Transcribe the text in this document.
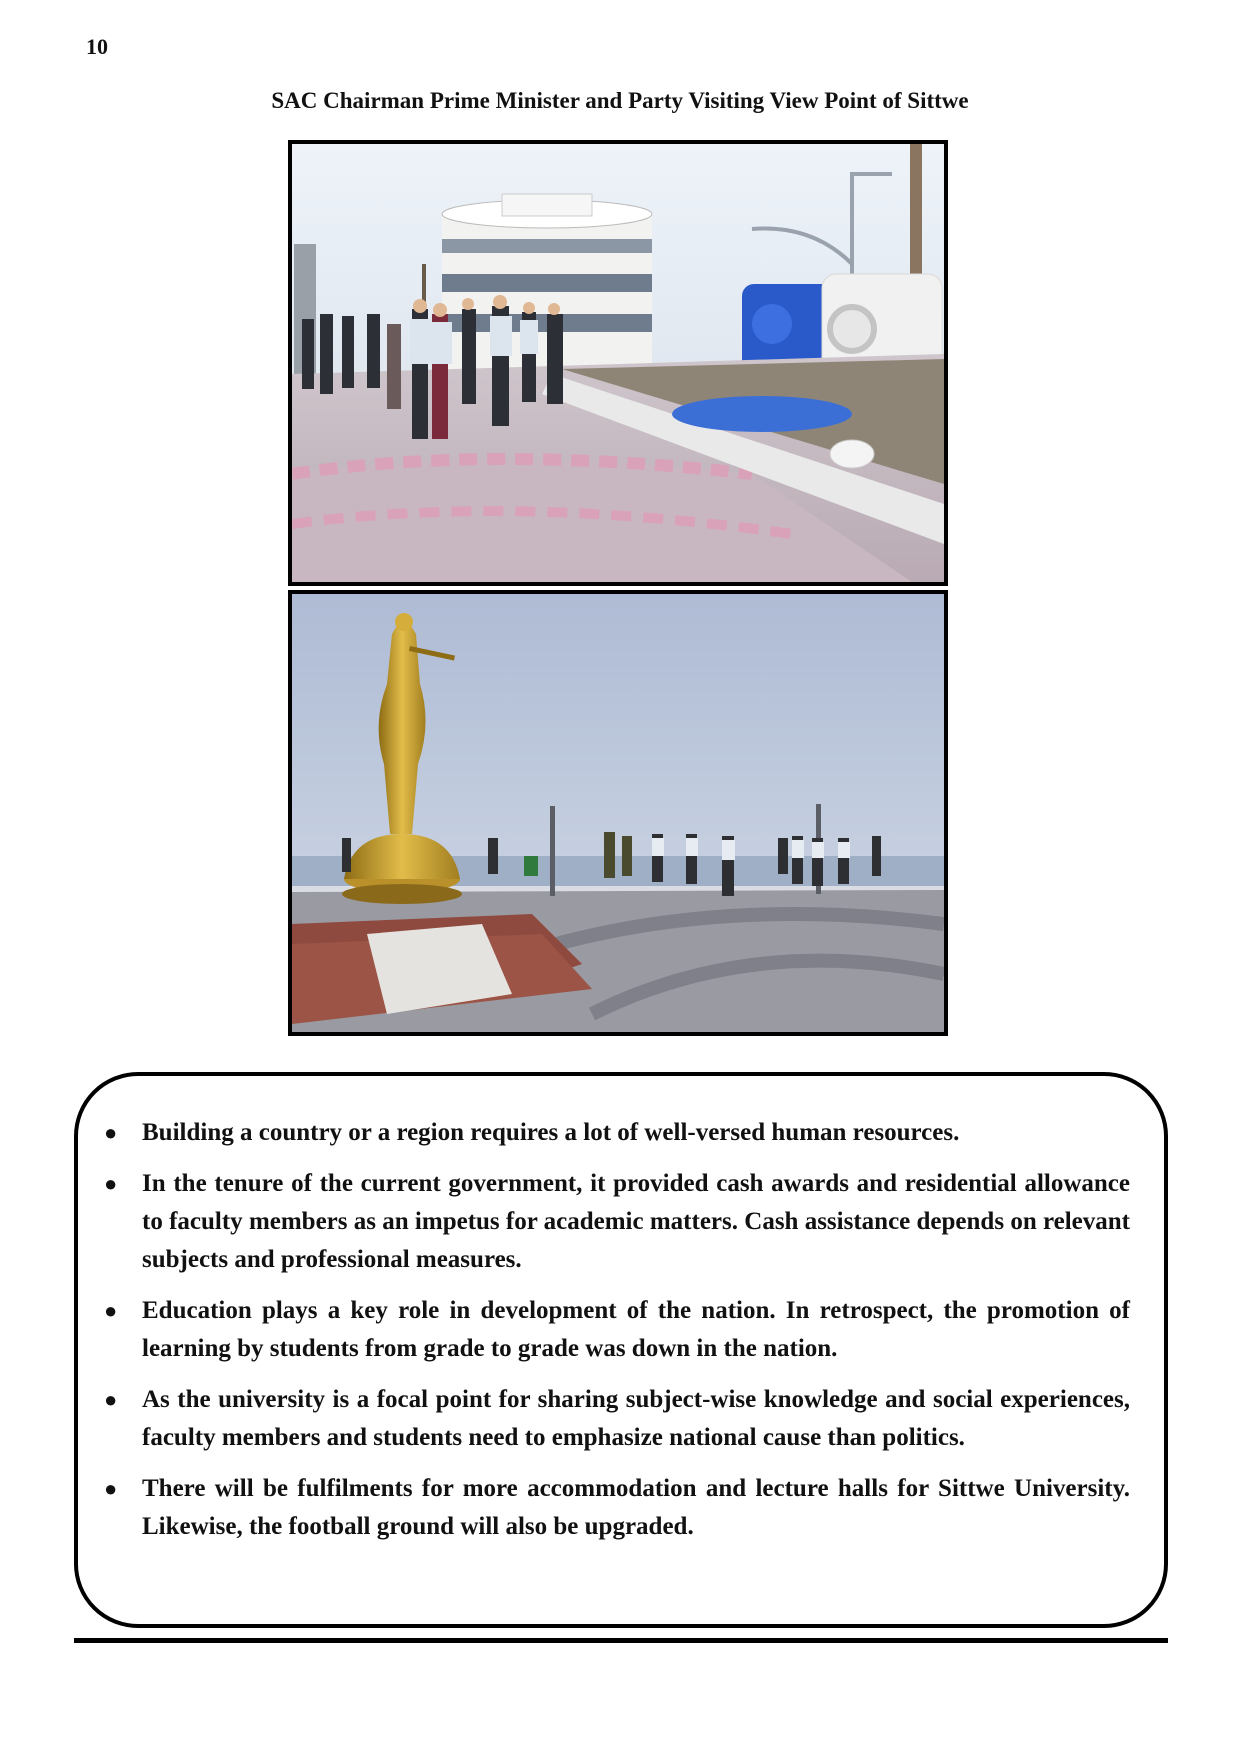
10
SAC Chairman Prime Minister and Party Visiting View Point of Sittwe
● Building a country or a region requires a lot of well-versed human resources.
● In the tenure of the current government, it provided cash awards and residential allowance to faculty members as an impetus for academic matters. Cash assistance depends on relevant subjects and professional measures.
● Education plays a key role in development of the nation. In retrospect, the promotion of learning by students from grade to grade was down in the nation.
● As the university is a focal point for sharing subject-wise knowledge and social experiences, faculty members and students need to emphasize national cause than politics.
● There will be fulfilments for more accommodation and lecture halls for Sittwe University. Likewise, the football ground will also be upgraded.
